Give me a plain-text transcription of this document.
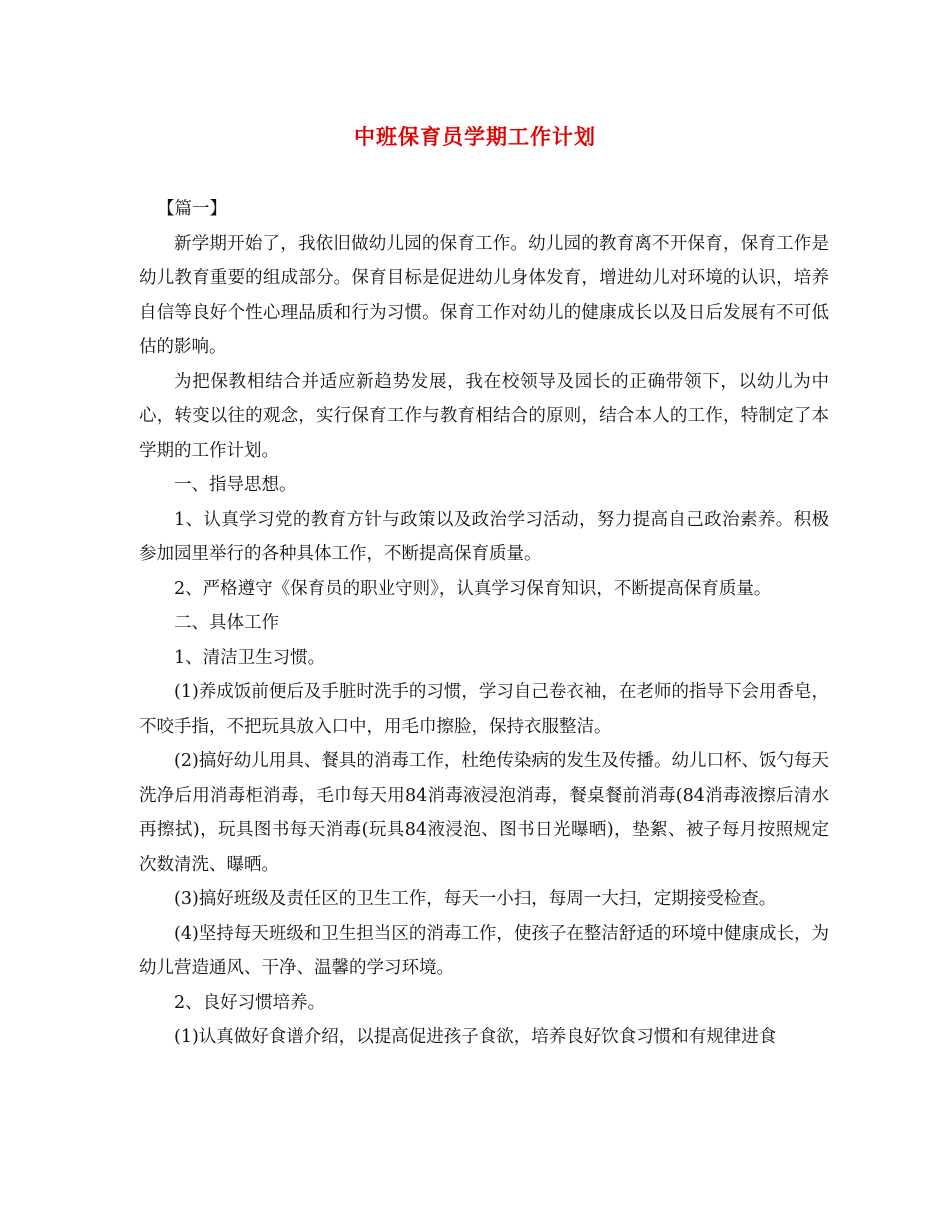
中班保育员学期工作计划

【篇一】

新学期开始了，我依旧做幼儿园的保育工作。幼儿园的教育离不开保育，保育工作是幼儿教育重要的组成部分。保育目标是促进幼儿身体发育，增进幼儿对环境的认识，培养自信等良好个性心理品质和行为习惯。保育工作对幼儿的健康成长以及日后发展有不可低估的影响。

为把保教相结合并适应新趋势发展，我在校领导及园长的正确带领下，以幼儿为中心，转变以往的观念，实行保育工作与教育相结合的原则，结合本人的工作，特制定了本学期的工作计划。

一、指导思想。

1、认真学习党的教育方针与政策以及政治学习活动，努力提高自己政治素养。积极参加园里举行的各种具体工作，不断提高保育质量。

2、严格遵守《保育员的职业守则》，认真学习保育知识，不断提高保育质量。

二、具体工作

1、清洁卫生习惯。

(1)养成饭前便后及手脏时洗手的习惯，学习自己卷衣袖，在老师的指导下会用香皂，不咬手指，不把玩具放入口中，用毛巾擦脸，保持衣服整洁。

(2)搞好幼儿用具、餐具的消毒工作，杜绝传染病的发生及传播。幼儿口杯、饭勺每天洗净后用消毒柜消毒，毛巾每天用84消毒液浸泡消毒，餐桌餐前消毒(84消毒液擦后清水再擦拭)，玩具图书每天消毒(玩具84液浸泡、图书日光曝晒)，垫絮、被子每月按照规定次数清洗、曝晒。

(3)搞好班级及责任区的卫生工作，每天一小扫，每周一大扫，定期接受检查。

(4)坚持每天班级和卫生担当区的消毒工作，使孩子在整洁舒适的环境中健康成长，为幼儿营造通风、干净、温馨的学习环境。

2、良好习惯培养。

(1)认真做好食谱介绍，以提高促进孩子食欲，培养良好饮食习惯和有规律进食
